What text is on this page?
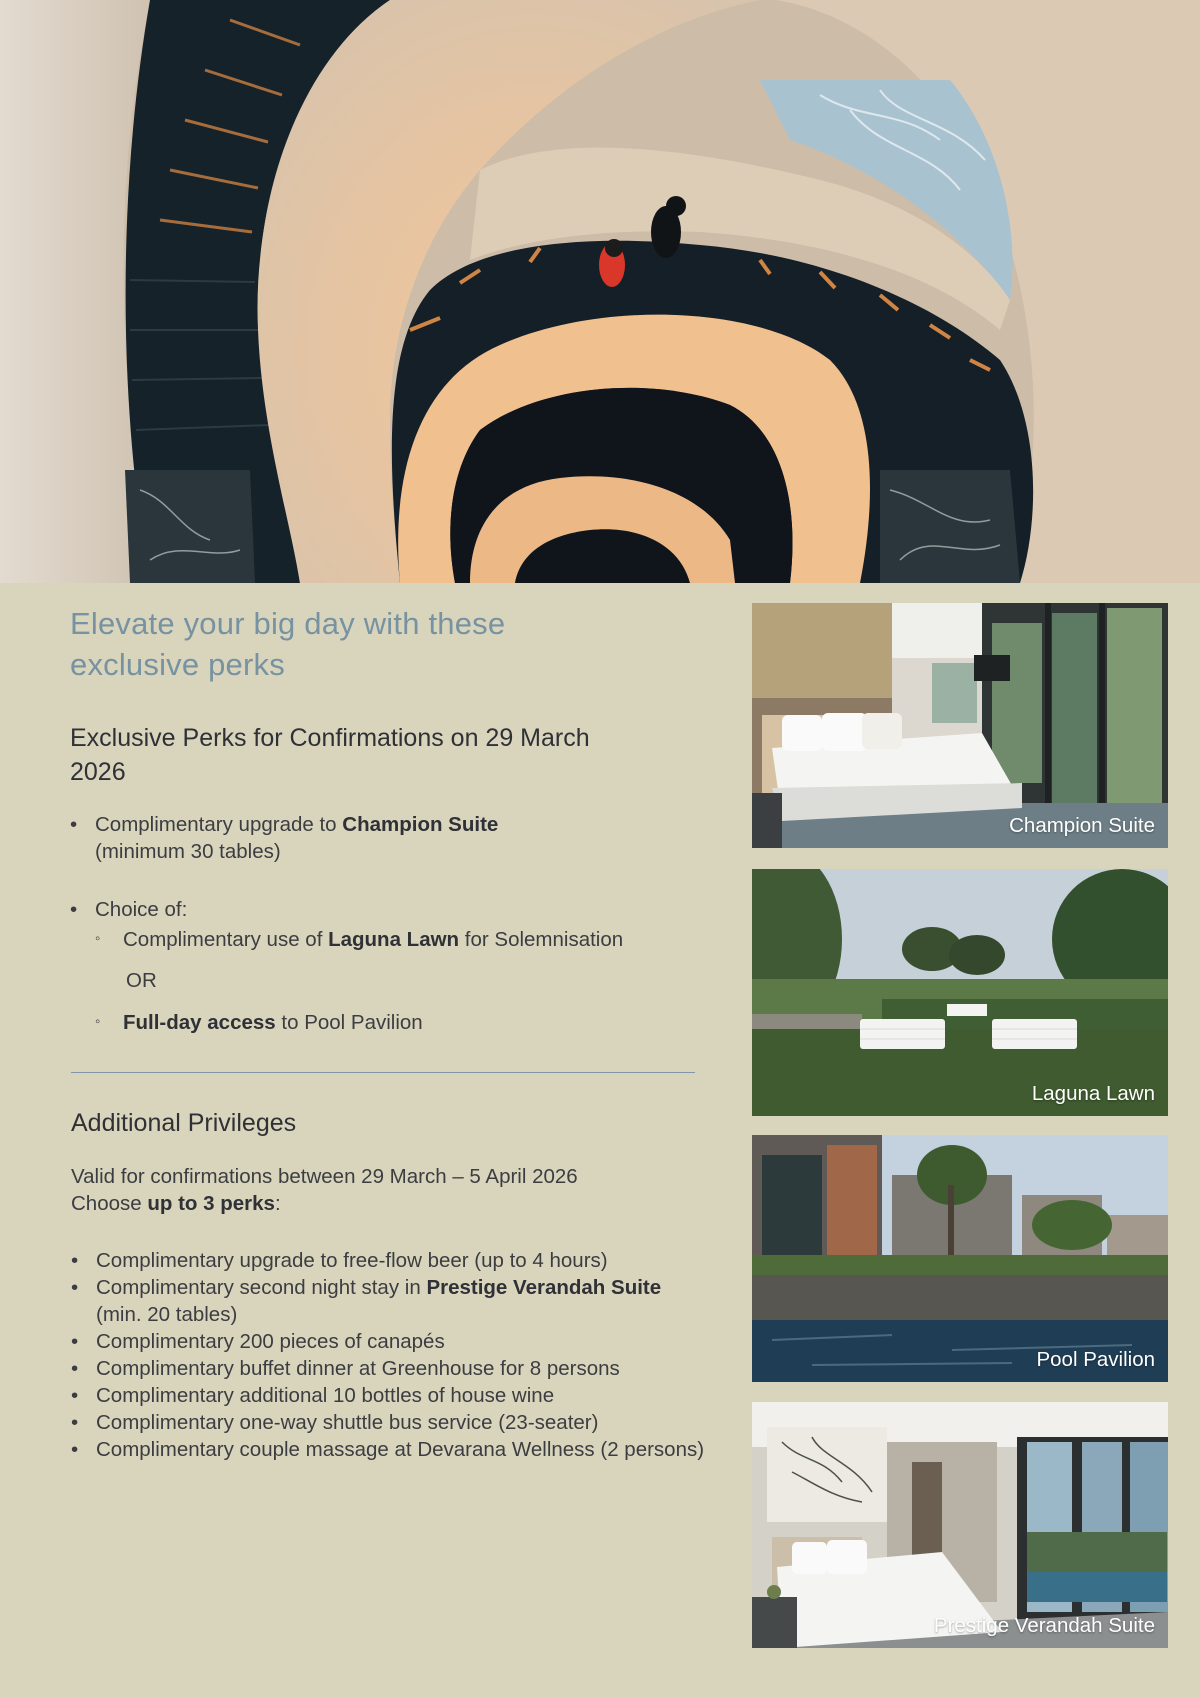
Elevate your big day with these exclusive perks
Exclusive Perks for Confirmations on 29 March 2026
• Complimentary upgrade to Champion Suite
(minimum 30 tables)
• Choice of:
◦ Complimentary use of Laguna Lawn for Solemnisation
OR
◦ Full-day access to Pool Pavilion
Additional Privileges
Valid for confirmations between 29 March – 5 April 2026
Choose up to 3 perks:
• Complimentary upgrade to free-flow beer (up to 4 hours)
• Complimentary second night stay in Prestige Verandah Suite (min. 20 tables)
• Complimentary 200 pieces of canapés
• Complimentary buffet dinner at Greenhouse for 8 persons
• Complimentary additional 10 bottles of house wine
• Complimentary one-way shuttle bus service (23-seater)
• Complimentary couple massage at Devarana Wellness (2 persons)
Champion Suite
Laguna Lawn
Pool Pavilion
Prestige Verandah Suite
